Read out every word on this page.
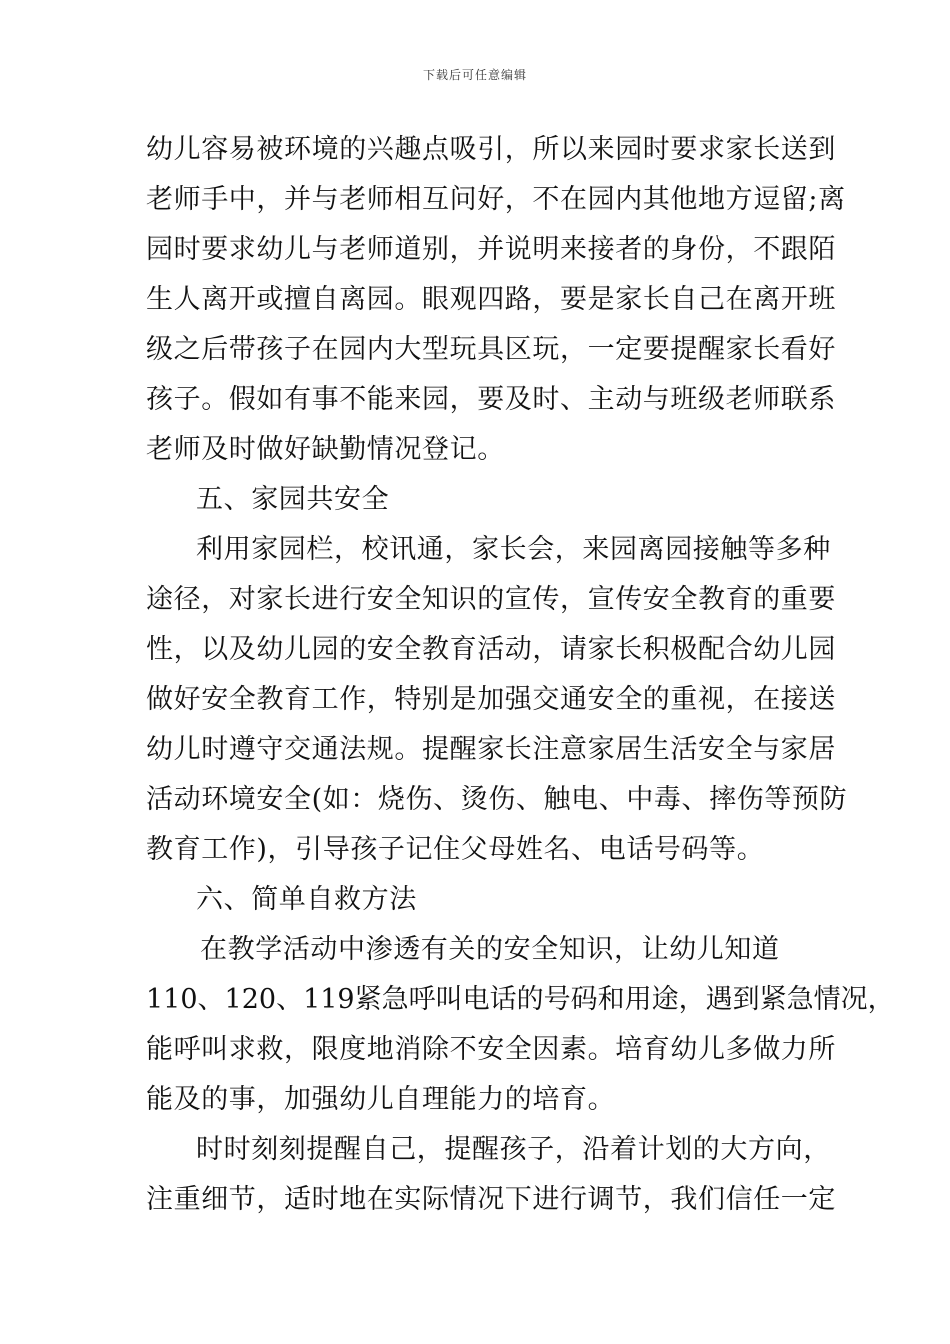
下载后可任意编辑
幼儿容易被环境的兴趣点吸引，所以来园时要求家长送到
老师手中，并与老师相互问好，不在园内其他地方逗留;离
园时要求幼儿与老师道别，并说明来接者的身份，不跟陌
生人离开或擅自离园。眼观四路，要是家长自己在离开班
级之后带孩子在园内大型玩具区玩，一定要提醒家长看好
孩子。假如有事不能来园，要及时、主动与班级老师联系
老师及时做好缺勤情况登记。
五、家园共安全
利用家园栏，校讯通，家长会，来园离园接触等多种
途径，对家长进行安全知识的宣传，宣传安全教育的重要
性，以及幼儿园的安全教育活动，请家长积极配合幼儿园
做好安全教育工作，特别是加强交通安全的重视，在接送
幼儿时遵守交通法规。提醒家长注意家居生活安全与家居
活动环境安全(如：烧伤、烫伤、触电、中毒、摔伤等预防
教育工作)，引导孩子记住父母姓名、电话号码等。
六、简单自救方法
在教学活动中渗透有关的安全知识，让幼儿知道
110、120、119紧急呼叫电话的号码和用途，遇到紧急情况，
能呼叫求救，限度地消除不安全因素。培育幼儿多做力所
能及的事，加强幼儿自理能力的培育。
时时刻刻提醒自己，提醒孩子，沿着计划的大方向，
注重细节，适时地在实际情况下进行调节，我们信任一定
